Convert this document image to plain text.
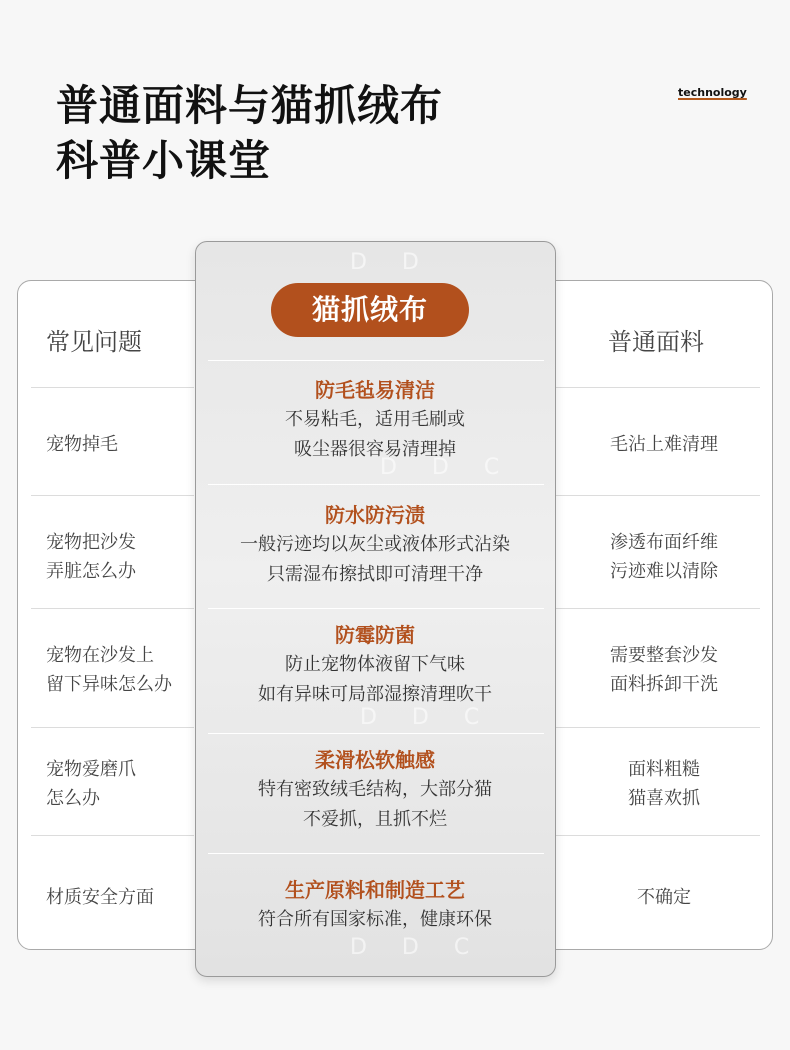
普通面料与猫抓绒布
科普小课堂
technology
常见问题	普通面料
宠物掉毛
宠物把沙发
弄脏怎么办
宠物在沙发上
留下异味怎么办
宠物爱磨爪
怎么办
材质安全方面
毛沾上难清理
渗透布面纤维
污迹难以清除
需要整套沙发
面料拆卸干洗
面料粗糙
猫喜欢抓
不确定
D D
D D C
D D C
D D C
猫抓绒布
防毛毡易清洁
不易粘毛，适用毛刷或
吸尘器很容易清理掉
防水防污渍
一般污迹均以灰尘或液体形式沾染
只需湿布擦拭即可清理干净
防霉防菌
防止宠物体液留下气味
如有异味可局部湿擦清理吹干
柔滑松软触感
特有密致绒毛结构，大部分猫
不爱抓，且抓不烂
生产原料和制造工艺
符合所有国家标准，健康环保
